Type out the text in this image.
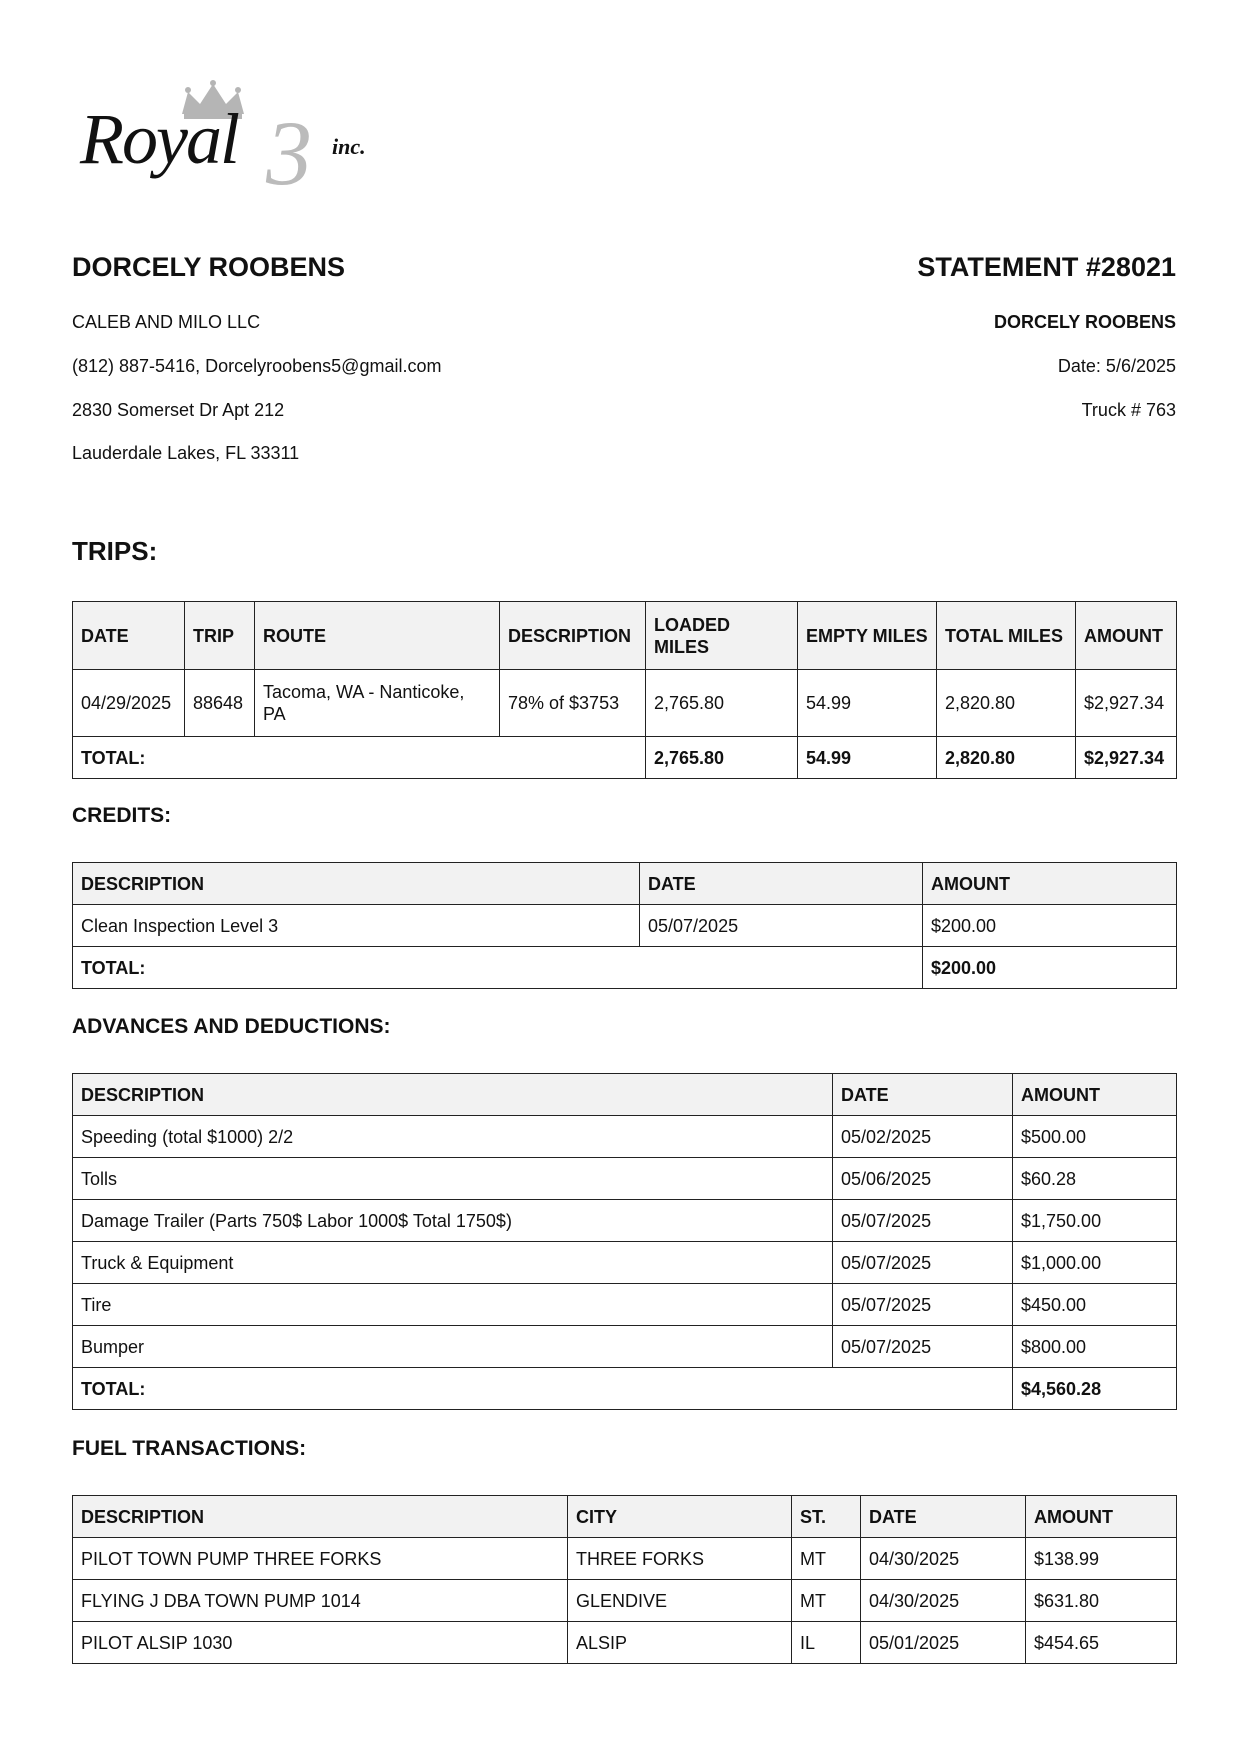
3
Royal	inc.
DORCELY ROOBENS	STATEMENT #28021
CALEB AND MILO LLC
(812) 887-5416, Dorcelyroobens5@gmail.com
2830 Somerset Dr Apt 212
Lauderdale Lakes, FL 33311
DORCELY ROOBENS
Date: 5/6/2025
Truck # 763
TRIPS:
DATE	TRIP	ROUTE	DESCRIPTION	LOADED MILES	EMPTY MILES	TOTAL MILES	AMOUNT
04/29/2025	88648	Tacoma, WA - Nanticoke, PA	78% of $3753	2,765.80	54.99	2,820.80	$2,927.34
TOTAL:				2,765.80	54.99	2,820.80	$2,927.34
CREDITS:
DESCRIPTION	DATE	AMOUNT
Clean Inspection Level 3	05/07/2025	$200.00
TOTAL:		$200.00
ADVANCES AND DEDUCTIONS:
DESCRIPTION	DATE	AMOUNT
Speeding (total $1000) 2/2	05/02/2025	$500.00
Tolls	05/06/2025	$60.28
Damage Trailer (Parts 750$ Labor 1000$ Total 1750$)	05/07/2025	$1,750.00
Truck & Equipment	05/07/2025	$1,000.00
Tire	05/07/2025	$450.00
Bumper	05/07/2025	$800.00
TOTAL:		$4,560.28
FUEL TRANSACTIONS:
DESCRIPTION	CITY	ST.	DATE	AMOUNT
PILOT TOWN PUMP THREE FORKS	THREE FORKS	MT	04/30/2025	$138.99
FLYING J DBA TOWN PUMP 1014	GLENDIVE	MT	04/30/2025	$631.80
PILOT ALSIP 1030	ALSIP	IL	05/01/2025	$454.65
